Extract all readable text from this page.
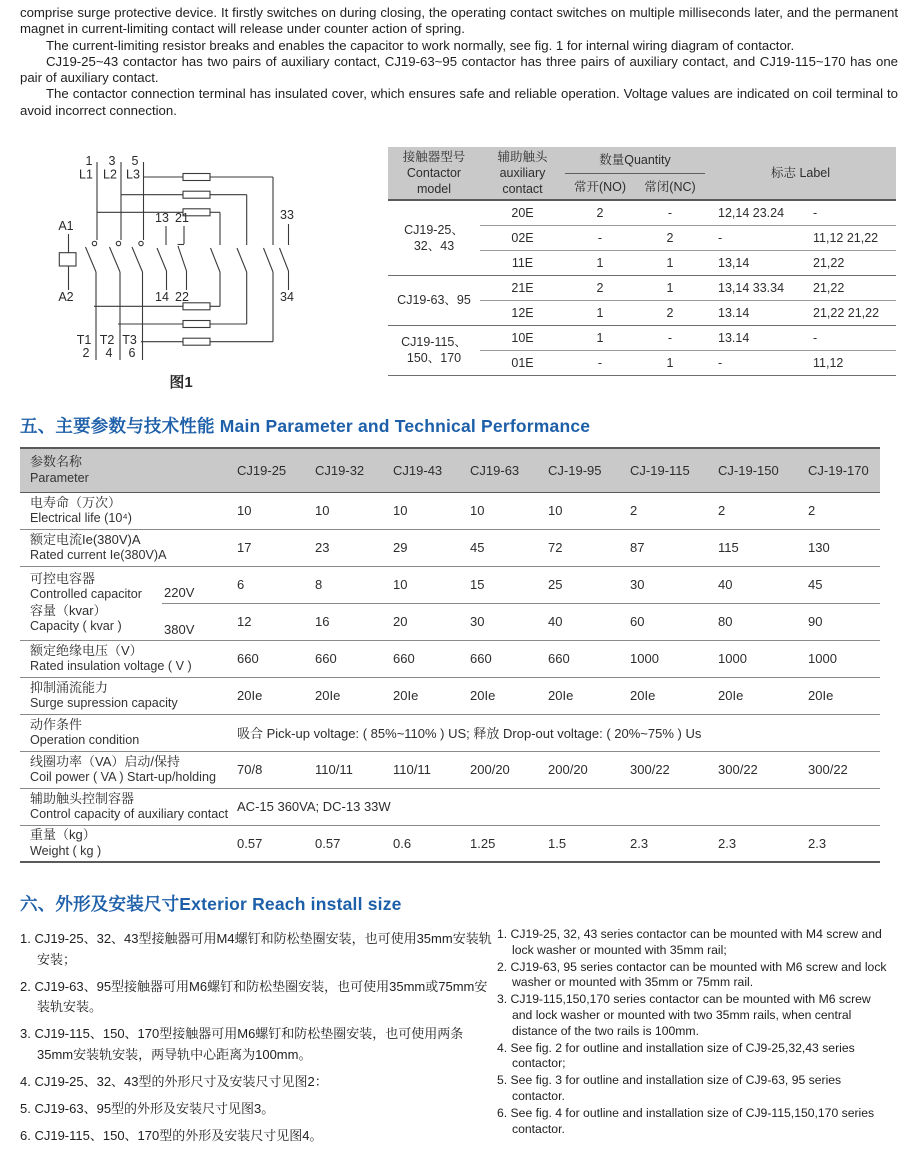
comprise surge protective device. It firstly switches on during closing, the operating contact switches on multiple milliseconds later, and the permanent magnet in current-limiting contact will release under counter action of spring.

The current-limiting resistor breaks and enables the capacitor to work normally, see fig. 1 for internal wiring diagram of contactor.

CJ19-25~43 contactor has two pairs of auxiliary contact, CJ19-63~95 contactor has three pairs of auxiliary contact, and CJ19-115~170 has one pair of auxiliary contact.

The contactor connection terminal has insulated cover, which ensures safe and reliable operation. Voltage values are indicated on coil terminal to avoid incorrect connection.

1
L1
3
L2
5
L3
A1
A2
13
14
21
22
33
34
T1
2
T2
4
T3
6
图1
接触器型号
Contactor
model

辅助触头
auxiliary
contact
	数量Quantity	标志 Label
		常开(NO)	常闭(NC)		

CJ19-25、
32、43	20E	2	-	12,14 23.24	-
	02E	-	2	-	11,12 21,22
	11E	1	1	13,14	21,22

CJ19-63、95	21E	2	1	13,14 33.34	21,22
	12E	1	2	13.14	21,22 21,22

CJ19-115、
150、170	10E	1	-	13.14	-
	01E	-	1	-	11,12
五、主要参数与技术性能 Main Parameter and Technical Performance
参数名称
Parameter		CJ19-25	CJ19-32	CJ19-43	CJ19-63	CJ-19-95	CJ-19-115	CJ-19-150	CJ-19-170

电寿命（万次）
Electrical life (10⁴)		10	10	10	10	10	2	2	2

额定电流Ie(380V)A
Rated current Ie(380V)A		17	23	29	45	72	87	115	130

可控电容器
Controlled capacitor
容量（kvar）
Capacity ( kvar )	220V	6	8	10	15	25	30	40	45
	380V	12	16	20	30	40	60	80	90

额定绝缘电压（V）
Rated insulation voltage ( V )		660	660	660	660	660	1000	1000	1000

抑制涌流能力
Surge supression capacity		20Ie	20Ie	20Ie	20Ie	20Ie	20Ie	20Ie	20Ie

动作条件
Operation condition		吸合 Pick-up voltage: ( 85%~110% ) US; 释放 Drop-out voltage: ( 20%~75% ) Us							

线圈功率（VA）启动/保持
Coil power ( VA ) Start-up/holding		70/8	110/11	110/11	200/20	200/20	300/22	300/22	300/22

辅助触头控制容器
Control capacity of auxiliary contact		AC-15 360VA; DC-13 33W							

重量（kg）
Weight ( kg )		0.57	0.57	0.6	1.25	1.5	2.3	2.3	2.3
六、外形及安装尺寸Exterior Reach install size
1. CJ19-25、32、43型接触器可用M4螺钉和防松垫圈安装，也可使用35mm安装轨安装；
2. CJ19-63、95型接触器可用M6螺钉和防松垫圈安装，也可使用35mm或75mm安装轨安装。
3. CJ19-115、150、170型接触器可用M6螺钉和防松垫圈安装，也可使用两条35mm安装轨安装，两导轨中心距离为100mm。
4. CJ19-25、32、43型的外形尺寸及安装尺寸见图2：
5. CJ19-63、95型的外形及安装尺寸见图3。
6. CJ19-115、150、170型的外形及安装尺寸见图4。
1. CJ19-25, 32, 43 series contactor can be mounted with M4 screw and lock washer or mounted with 35mm rail;
2. CJ19-63, 95 series contactor can be mounted with M6 screw and lock washer or mounted with 35mm or 75mm rail.
3. CJ19-115,150,170 series contactor can be mounted with M6 screw and lock washer or mounted with two 35mm rails, when central distance of the two rails is 100mm.
4. See fig. 2 for outline and installation size of CJ9-25,32,43 series contactor;
5. See fig. 3 for outline and installation size of CJ9-63, 95 series contactor.
6. See fig. 4 for outline and installation size of CJ9-115,150,170 series contactor.
